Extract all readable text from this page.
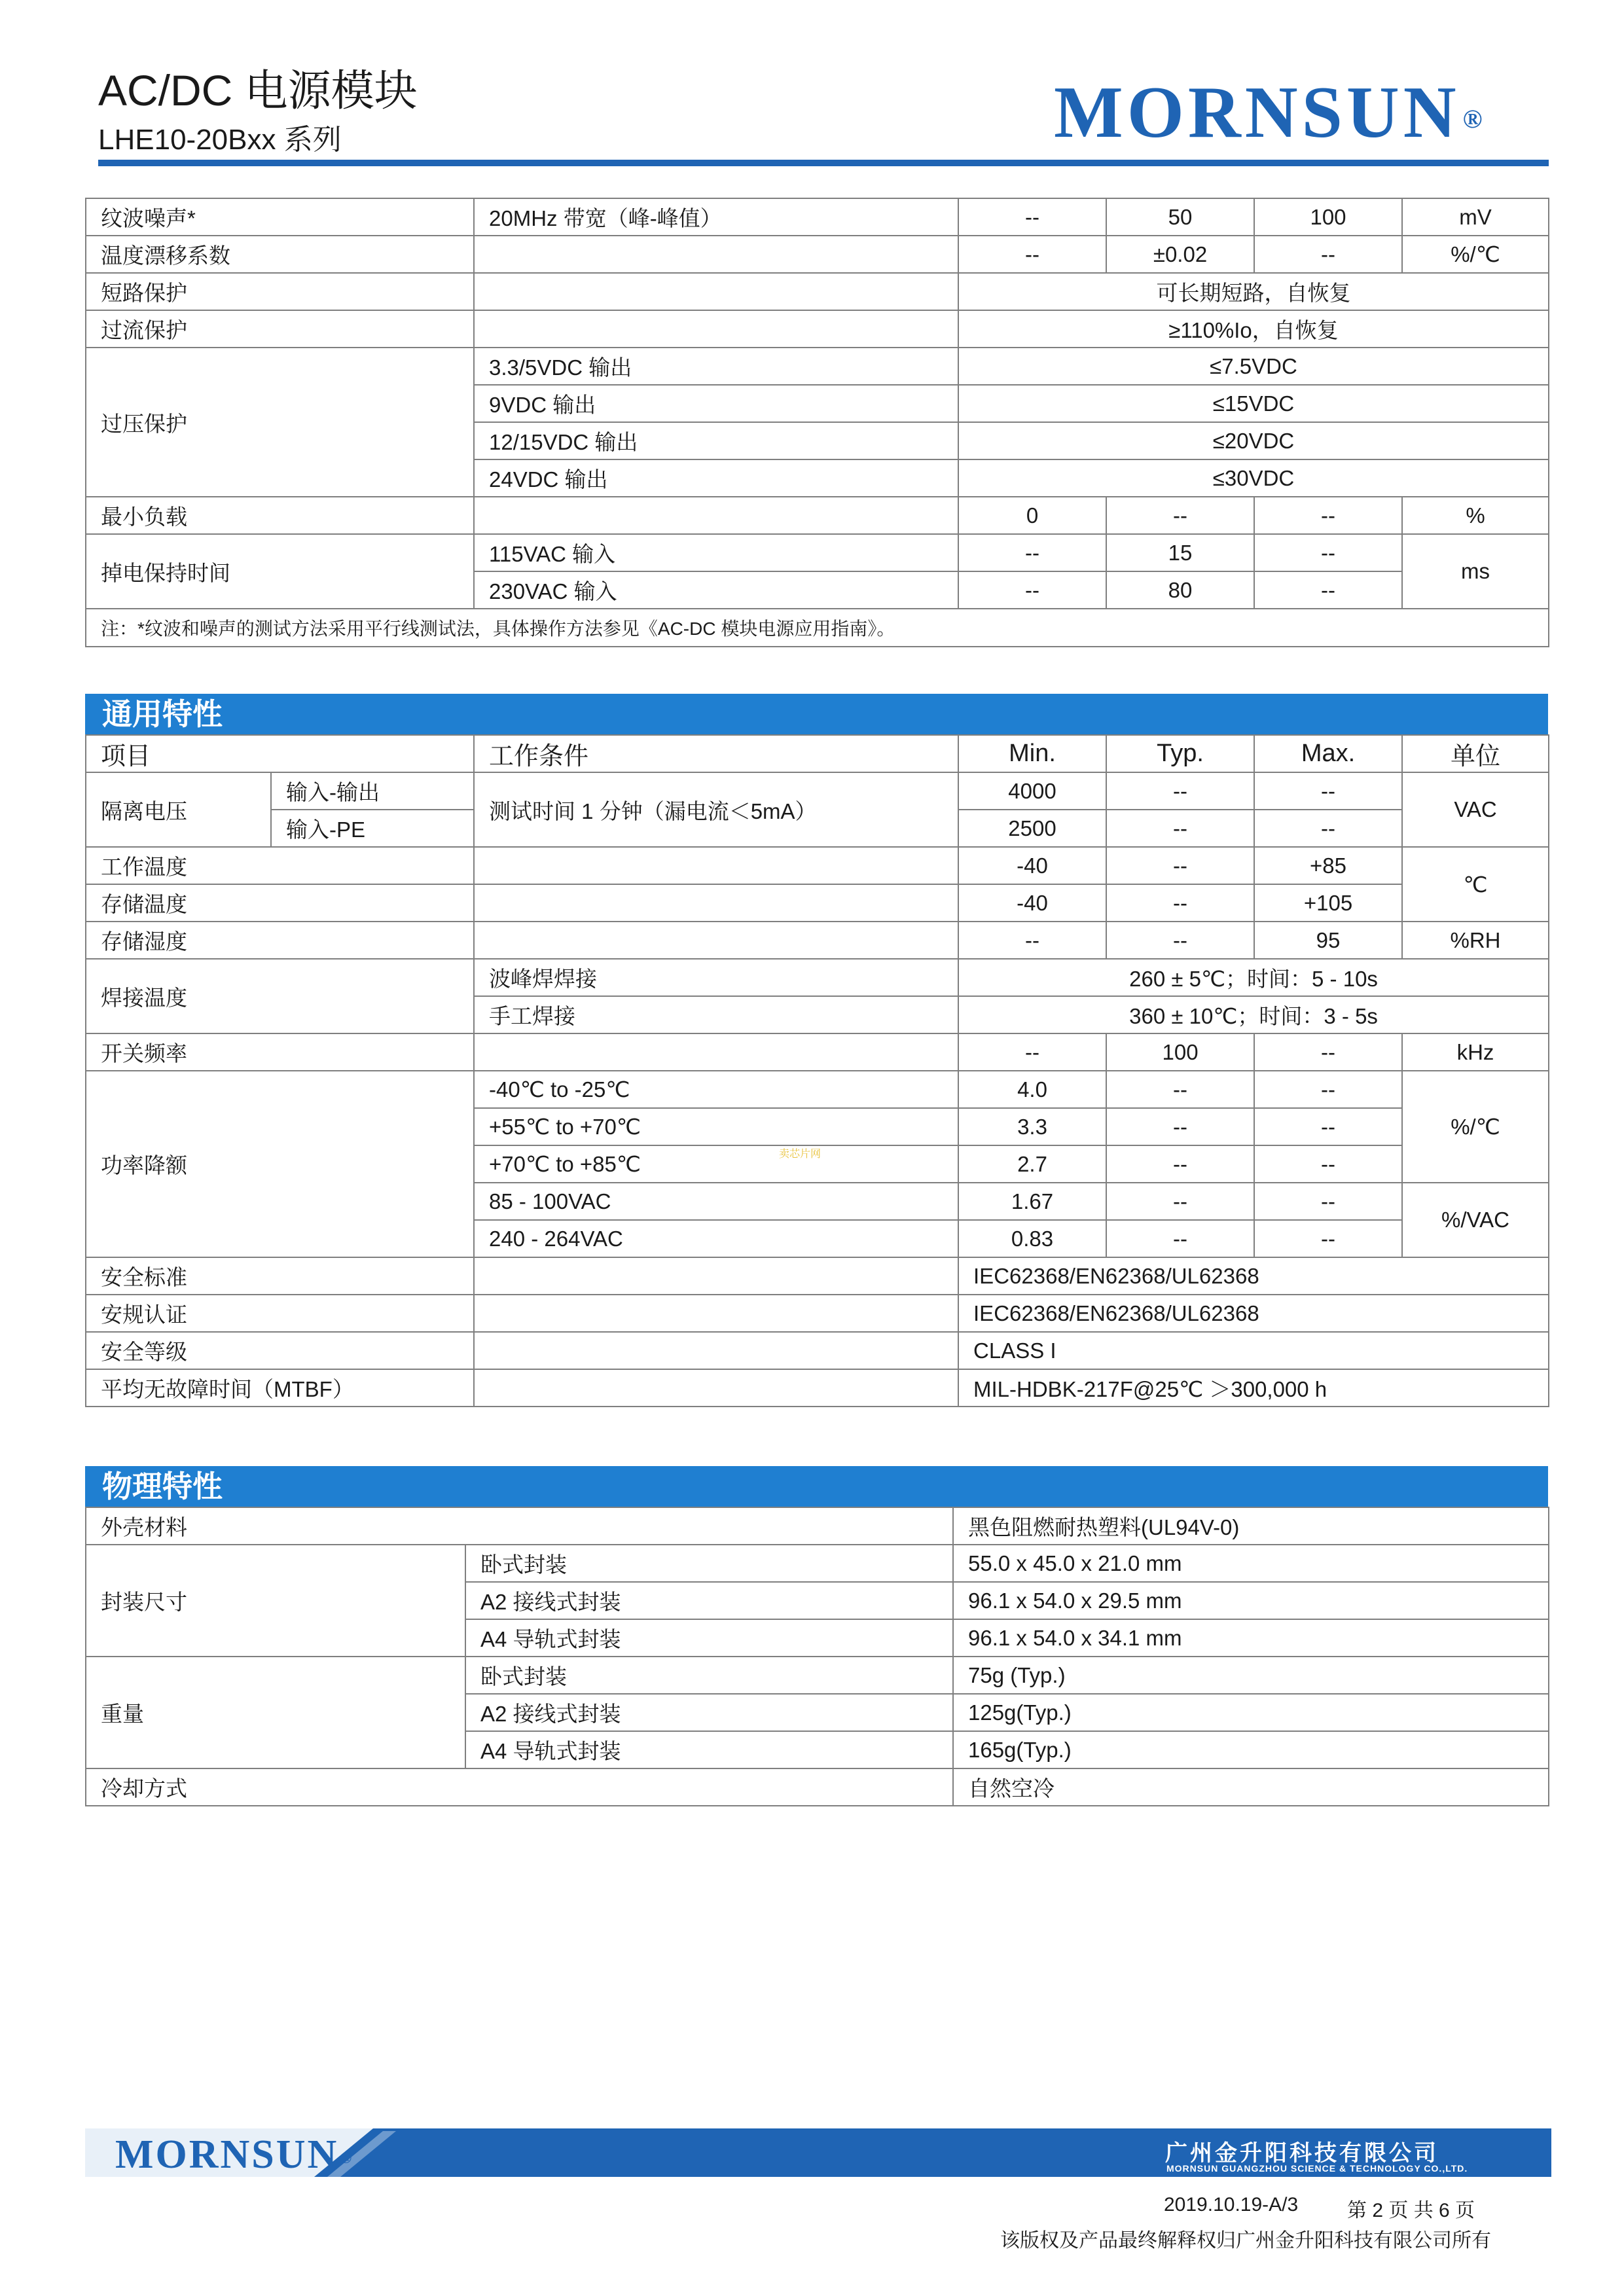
AC/DC 电源模块
LHE10-20Bxx 系列	MORNSUN ®
纹波噪声*	20MHz 带宽（峰-峰值）	--	50	100	mV
温度漂移系数		--	±0.02	--	%/℃
短路保护		可长期短路，自恢复			
过流保护		≥110%Io，自恢复			
过压保护	3.3/5VDC 输出	≤7.5VDC			
	9VDC 输出	≤15VDC			
	12/15VDC 输出	≤20VDC			
	24VDC 输出	≤30VDC			
最小负载		0	--	--	%
掉电保持时间	115VAC 输入	--	15	--	ms
	230VAC 输入	--	80	--	
注：*纹波和噪声的测试方法采用平行线测试法，具体操作方法参见《AC-DC 模块电源应用指南》。					
通用特性
项目		工作条件	Min.	Typ.	Max.	单位
隔离电压	输入-输出	测试时间 1 分钟（漏电流＜5mA）	4000	--	--	VAC
	输入-PE		2500	--	--	
工作温度			-40	--	+85	℃
存储温度			-40	--	+105	
存储湿度			--	--	95	%RH
焊接温度		波峰焊焊接	260 ± 5℃；时间：5 - 10s			
		手工焊接	360 ± 10℃；时间：3 - 5s			
开关频率			--	100	--	kHz
功率降额		-40℃ to -25℃	4.0	--	--	%/℃
		+55℃ to +70℃	3.3	--	--	
		+70℃ to +85℃	2.7	--	--	
		85 - 100VAC	1.67	--	--	%/VAC
		240 - 264VAC	0.83	--	--	
安全标准			IEC62368/EN62368/UL62368			
安规认证			IEC62368/EN62368/UL62368			
安全等级			CLASS I			
平均无故障时间（MTBF）			MIL-HDBK-217F@25℃ ＞300,000 h			
卖芯片网
物理特性
外壳材料		黑色阻燃耐热塑料(UL94V-0)
封装尺寸	卧式封装	55.0 x 45.0 x 21.0 mm
	A2 接线式封装	96.1 x 54.0 x 29.5 mm
	A4 导轨式封装	96.1 x 54.0 x 34.1 mm
重量	卧式封装	75g (Typ.)
	A2 接线式封装	125g(Typ.)
	A4 导轨式封装	165g(Typ.)
冷却方式		自然空冷
MORNSUN®	广州金升阳科技有限公司
MORNSUN GUANGZHOU SCIENCE & TECHNOLOGY CO.,LTD.
2019.10.19-A/3 第 2 页 共 6 页
该版权及产品最终解释权归广州金升阳科技有限公司所有
